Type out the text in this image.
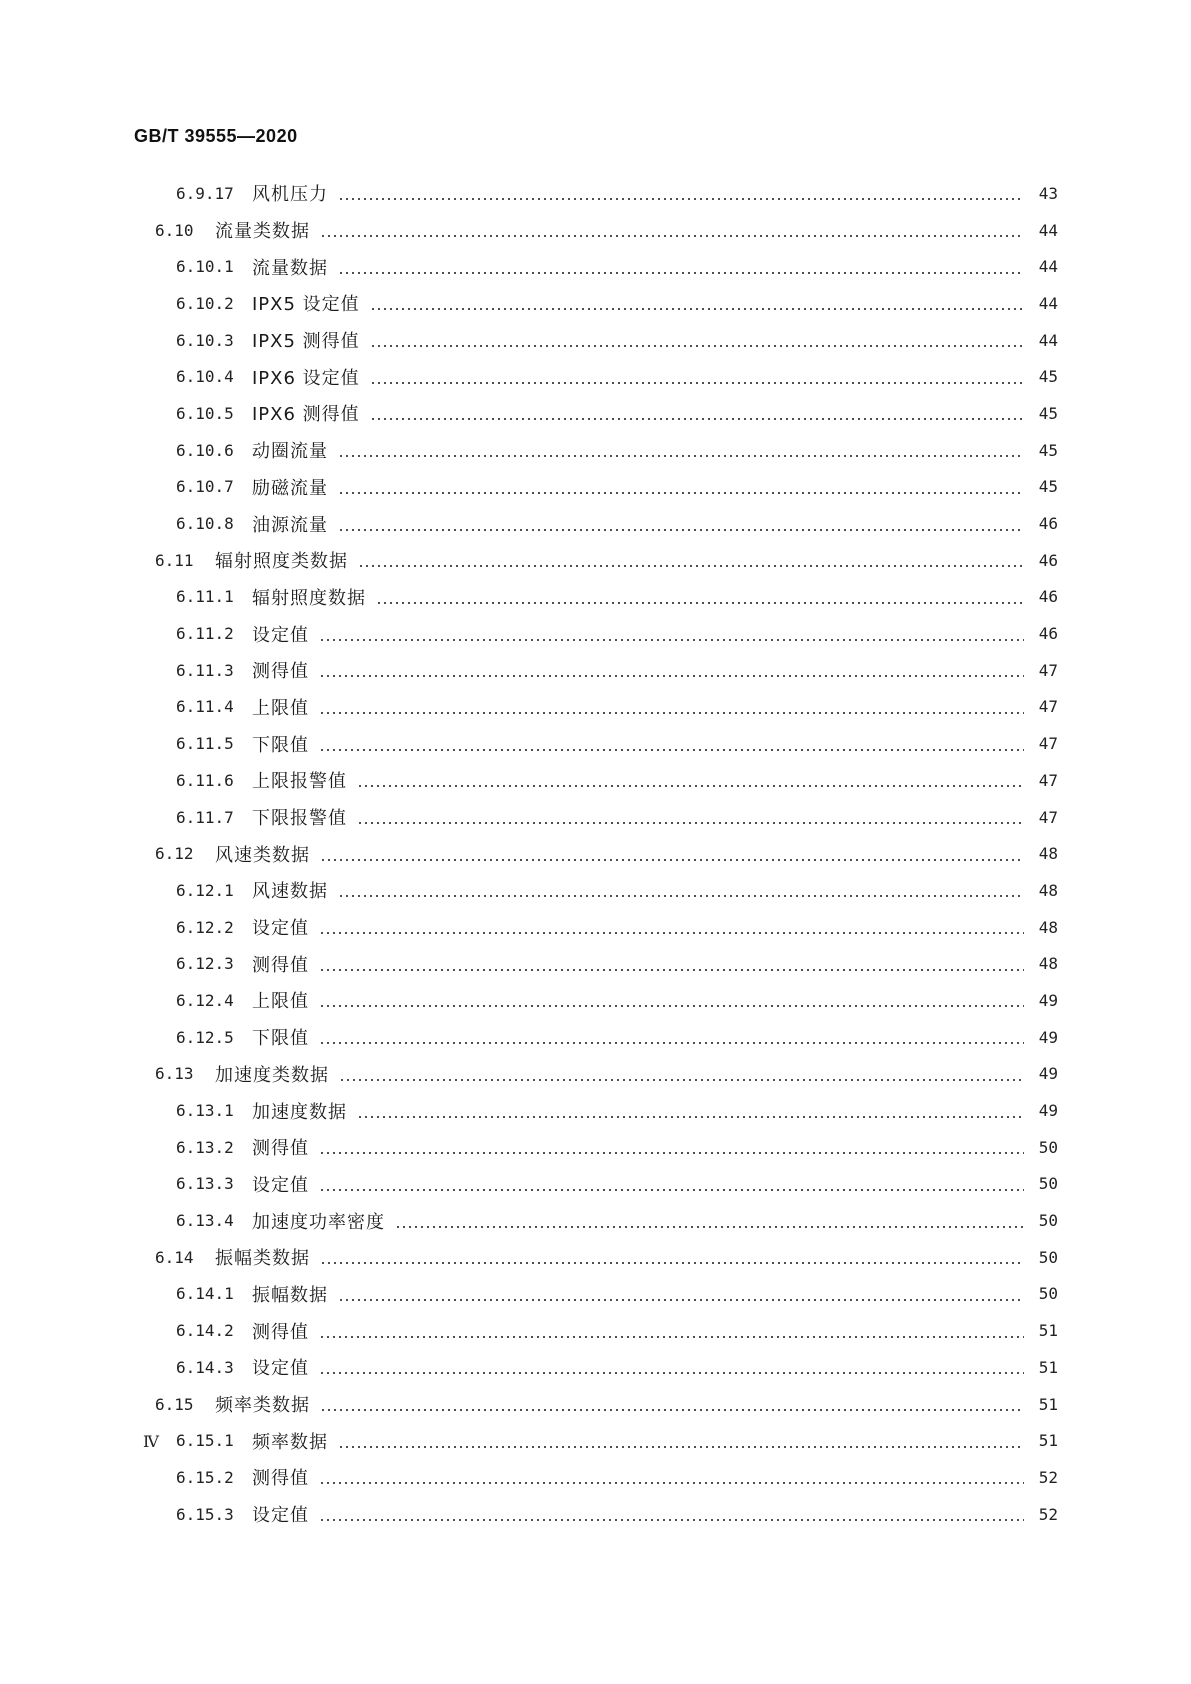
GB/T 39555—2020
6.9.17	风机压力	43
6.10	流量类数据	44
6.10.1	流量数据	44
6.10.2	IPX5 设定值	44
6.10.3	IPX5 测得值	44
6.10.4	IPX6 设定值	45
6.10.5	IPX6 测得值	45
6.10.6	动圈流量	45
6.10.7	励磁流量	45
6.10.8	油源流量	46
6.11	辐射照度类数据	46
6.11.1	辐射照度数据	46
6.11.2	设定值	46
6.11.3	测得值	47
6.11.4	上限值	47
6.11.5	下限值	47
6.11.6	上限报警值	47
6.11.7	下限报警值	47
6.12	风速类数据	48
6.12.1	风速数据	48
6.12.2	设定值	48
6.12.3	测得值	48
6.12.4	上限值	49
6.12.5	下限值	49
6.13	加速度类数据	49
6.13.1	加速度数据	49
6.13.2	测得值	50
6.13.3	设定值	50
6.13.4	加速度功率密度	50
6.14	振幅类数据	50
6.14.1	振幅数据	50
6.14.2	测得值	51
6.14.3	设定值	51
6.15	频率类数据	51
6.15.1	频率数据	51
6.15.2	测得值	52
6.15.3	设定值	52
Ⅳ
